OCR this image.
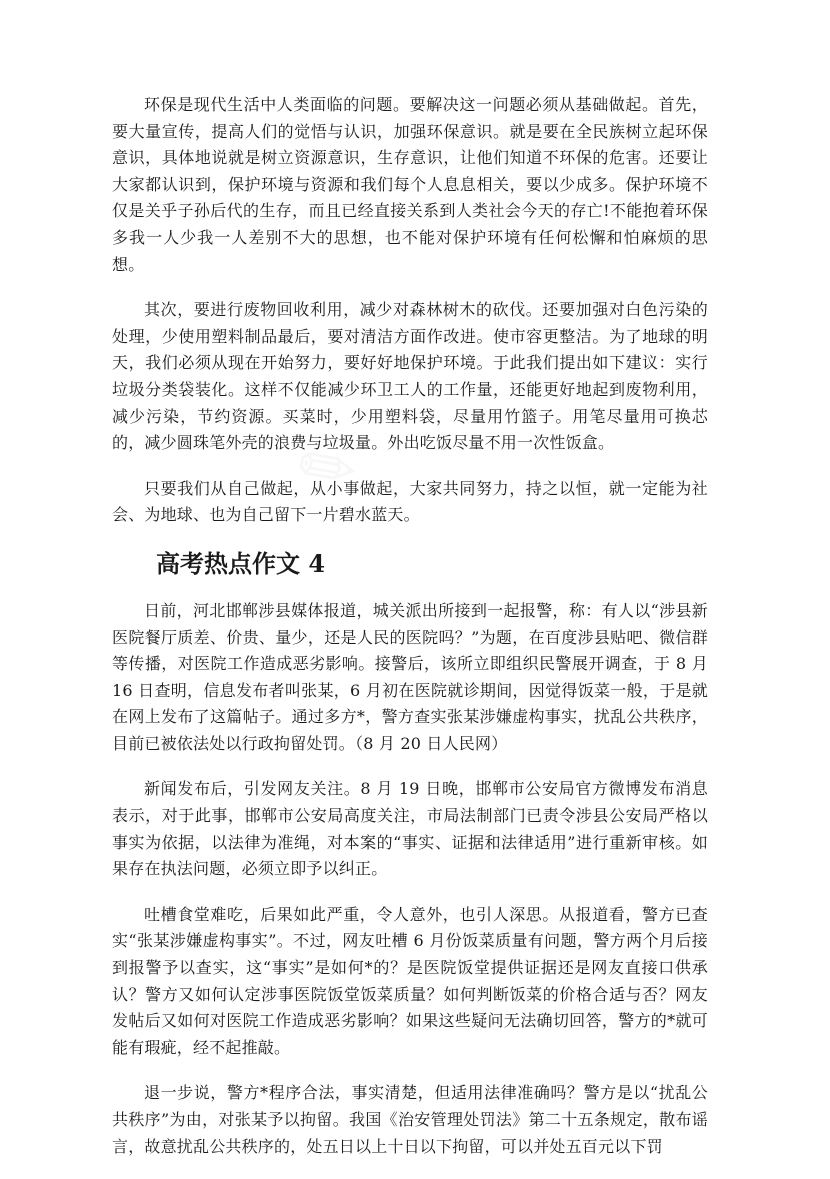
✎

环保是现代生活中人类面临的问题。要解决这一问题必须从基础做起。首先，要大量宣传，提高人们的觉悟与认识，加强环保意识。就是要在全民族树立起环保意识，具体地说就是树立资源意识，生存意识，让他们知道不环保的危害。还要让大家都认识到，保护环境与资源和我们每个人息息相关，要以少成多。保护环境不仅是关乎子孙后代的生存，而且已经直接关系到人类社会今天的存亡!不能抱着环保多我一人少我一人差别不大的思想，也不能对保护环境有任何松懈和怕麻烦的思想。

其次，要进行废物回收利用，减少对森林树木的砍伐。还要加强对白色污染的处理，少使用塑料制品最后，要对清洁方面作改进。使市容更整洁。为了地球的明天，我们必须从现在开始努力，要好好地保护环境。于此我们提出如下建议：实行垃圾分类袋装化。这样不仅能减少环卫工人的工作量，还能更好地起到废物利用，减少污染，节约资源。买菜时，少用塑料袋，尽量用竹篮子。用笔尽量用可换芯的，减少圆珠笔外壳的浪费与垃圾量。外出吃饭尽量不用一次性饭盒。

只要我们从自己做起，从小事做起，大家共同努力，持之以恒，就一定能为社会、为地球、也为自己留下一片碧水蓝天。

高考热点作文 4

日前，河北邯郸涉县媒体报道，城关派出所接到一起报警，称：有人以“涉县新医院餐厅质差、价贵、量少，还是人民的医院吗？”为题，在百度涉县贴吧、微信群等传播，对医院工作造成恶劣影响。接警后，该所立即组织民警展开调查，于 8 月 16 日查明，信息发布者叫张某，6 月初在医院就诊期间，因觉得饭菜一般，于是就在网上发布了这篇帖子。通过多方*，警方查实张某涉嫌虚构事实，扰乱公共秩序，目前已被依法处以行政拘留处罚。（8 月 20 日人民网）

新闻发布后，引发网友关注。8 月 19 日晚，邯郸市公安局官方微博发布消息表示，对于此事，邯郸市公安局高度关注，市局法制部门已责令涉县公安局严格以事实为依据，以法律为准绳，对本案的“事实、证据和法律适用”进行重新审核。如果存在执法问题，必须立即予以纠正。

吐槽食堂难吃，后果如此严重，令人意外，也引人深思。从报道看，警方已查实“张某涉嫌虚构事实”。不过，网友吐槽 6 月份饭菜质量有问题，警方两个月后接到报警予以查实，这“事实”是如何*的？是医院饭堂提供证据还是网友直接口供承认？警方又如何认定涉事医院饭堂饭菜质量？如何判断饭菜的价格合适与否？网友发帖后又如何对医院工作造成恶劣影响？如果这些疑问无法确切回答，警方的*就可能有瑕疵，经不起推敲。

退一步说，警方*程序合法，事实清楚，但适用法律准确吗？警方是以“扰乱公共秩序”为由，对张某予以拘留。我国《治安管理处罚法》第二十五条规定，散布谣言，故意扰乱公共秩序的，处五日以上十日以下拘留，可以并处五百元以下罚
